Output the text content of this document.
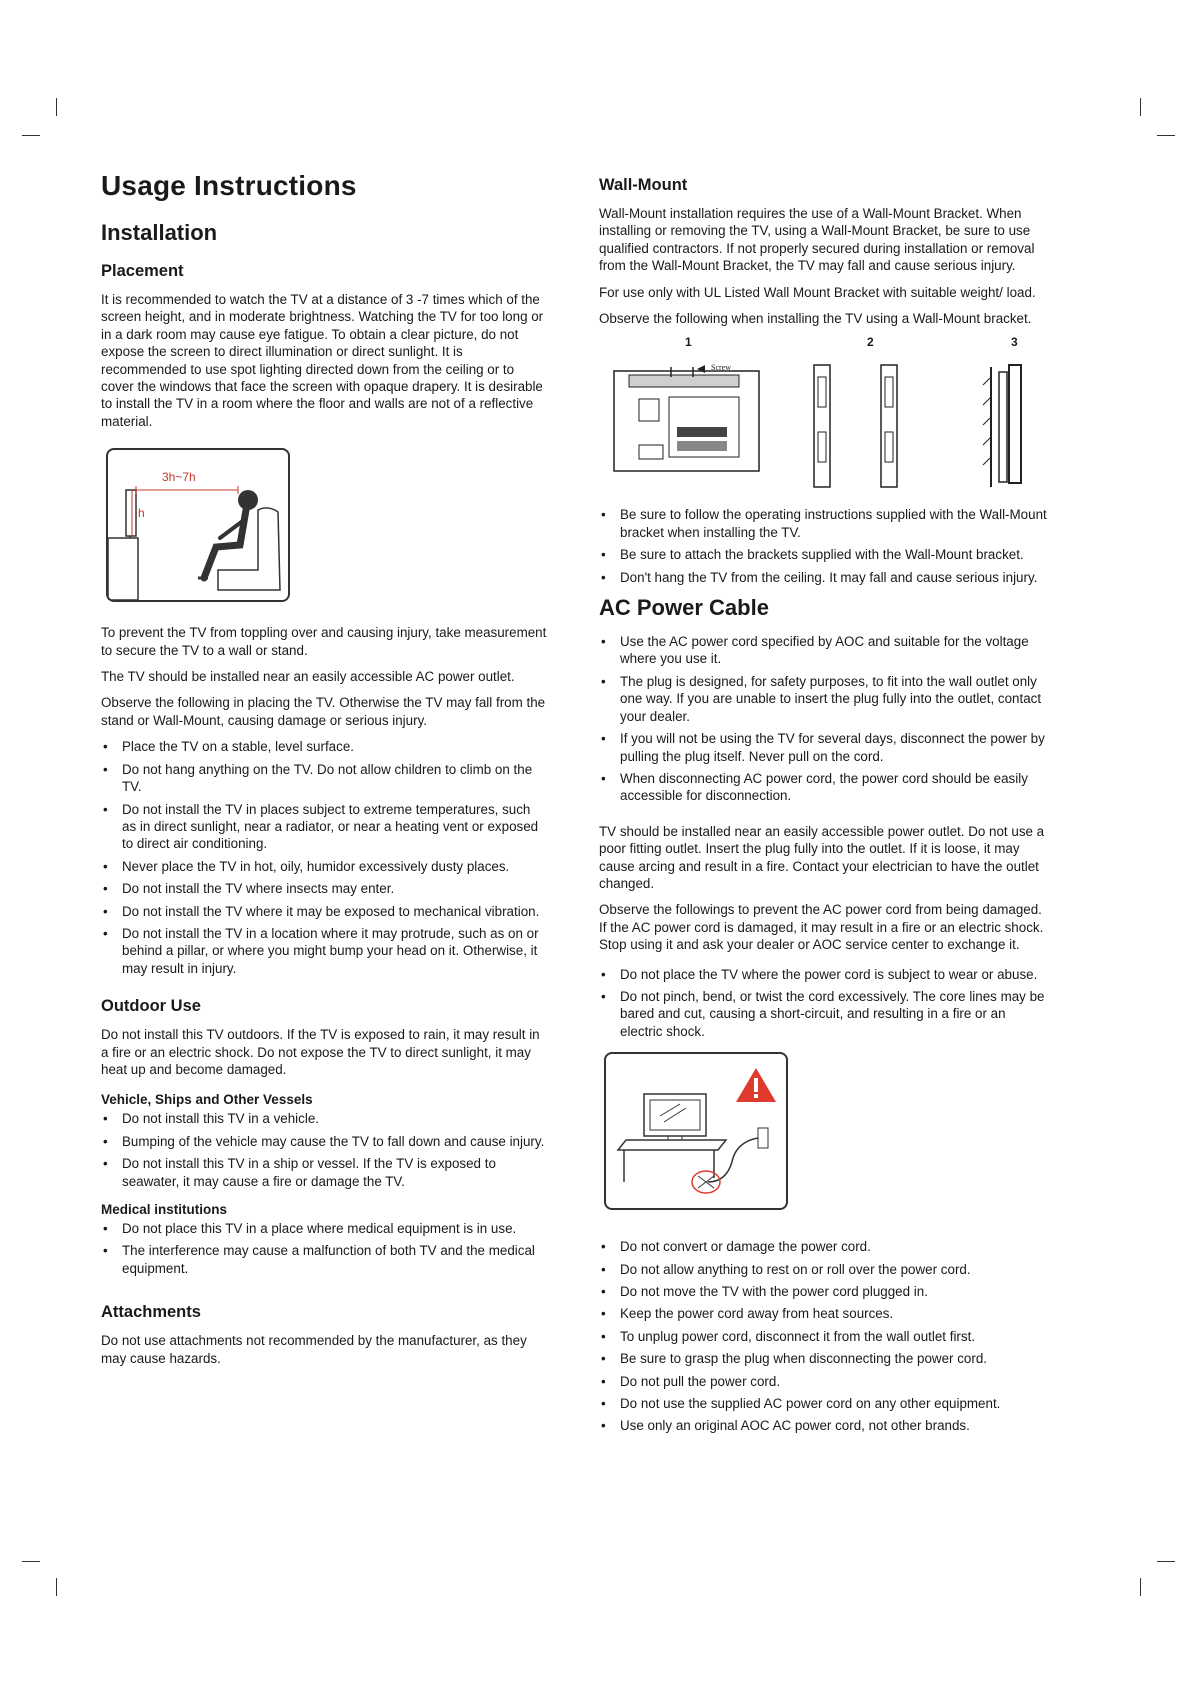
Usage Instructions
Installation
Placement

It is recommended to watch the TV at a distance of 3 -7 times which of the screen height, and in moderate brightness. Watching the TV for too long or in a dark room may cause eye fatigue. To obtain a clear picture, do not expose the screen to direct illumination or direct sunlight. It is recommended to use spot lighting directed down from the ceiling or to cover the windows that face the screen with opaque drapery. It is desirable to install the TV in a room where the floor and walls are not of a reflective material.

3h~7h
h

To prevent the TV from toppling over and causing injury, take measurement to secure the TV to a wall or stand.

The TV should be installed near an easily accessible AC power outlet.

Observe the following in placing the TV. Otherwise the TV may fall from the stand or Wall-Mount, causing damage or serious injury.

• Place the TV on a stable, level surface.
• Do not hang anything on the TV. Do not allow children to climb on the TV.
• Do not install the TV in places subject to extreme temperatures, such as in direct sunlight, near a radiator, or near a heating vent or exposed to direct air conditioning.
• Never place the TV in hot, oily, humidor excessively dusty places.
• Do not install the TV where insects may enter.
• Do not install the TV where it may be exposed to mechanical vibration.
• Do not install the TV in a location where it may protrude, such as on or behind a pillar, or where you might bump your head on it. Otherwise, it may result in injury.
Outdoor Use

Do not install this TV outdoors. If the TV is exposed to rain, it may result in a fire or an electric shock. Do not expose the TV to direct sunlight, it may heat up and become damaged.

Vehicle, Ships and Other Vessels
• Do not install this TV in a vehicle.
• Bumping of the vehicle may cause the TV to fall down and cause injury.
• Do not install this TV in a ship or vessel. If the TV is exposed to seawater, it may cause a fire or damage the TV.
Medical institutions
• Do not place this TV in a place where medical equipment is in use.
• The interference may cause a malfunction of both TV and the medical equipment.
Attachments

Do not use attachments not recommended by the manufacturer, as they may cause hazards.

Wall-Mount

Wall-Mount installation requires the use of a Wall-Mount Bracket. When installing or removing the TV, using a Wall-Mount Bracket, be sure to use qualified contractors. If not properly secured during installation or removal from the Wall-Mount Bracket, the TV may fall and cause serious injury.

For use only with UL Listed Wall Mount Bracket with suitable weight/ load.

Observe the following when installing the TV using a Wall-Mount bracket.

1	2	3
Screw
• Be sure to follow the operating instructions supplied with the Wall-Mount bracket when installing the TV.
• Be sure to attach the brackets supplied with the Wall-Mount bracket.
• Don't hang the TV from the ceiling. It may fall and cause serious injury.
AC Power Cable
• Use the AC power cord specified by AOC and suitable for the voltage where you use it.
• The plug is designed, for safety purposes, to fit into the wall outlet only one way. If you are unable to insert the plug fully into the outlet, contact your dealer.
• If you will not be using the TV for several days, disconnect the power by pulling the plug itself. Never pull on the cord.
• When disconnecting AC power cord, the power cord should be easily accessible for disconnection.

TV should be installed near an easily accessible power outlet. Do not use a poor fitting outlet. Insert the plug fully into the outlet. If it is loose, it may cause arcing and result in a fire. Contact your electrician to have the outlet changed.

Observe the followings to prevent the AC power cord from being damaged. If the AC power cord is damaged, it may result in a fire or an electric shock. Stop using it and ask your dealer or AOC service center to exchange it.

• Do not place the TV where the power cord is subject to wear or abuse.
• Do not pinch, bend, or twist the cord excessively. The core lines may be bared and cut, causing a short-circuit, and resulting in a fire or an electric shock.
• Do not convert or damage the power cord.
• Do not allow anything to rest on or roll over the power cord.
• Do not move the TV with the power cord plugged in.
• Keep the power cord away from heat sources.
• To unplug power cord, disconnect it from the wall outlet first.
• Be sure to grasp the plug when disconnecting the power cord.
• Do not pull the power cord.
• Do not use the supplied AC power cord on any other equipment.
• Use only an original AOC AC power cord, not other brands.
